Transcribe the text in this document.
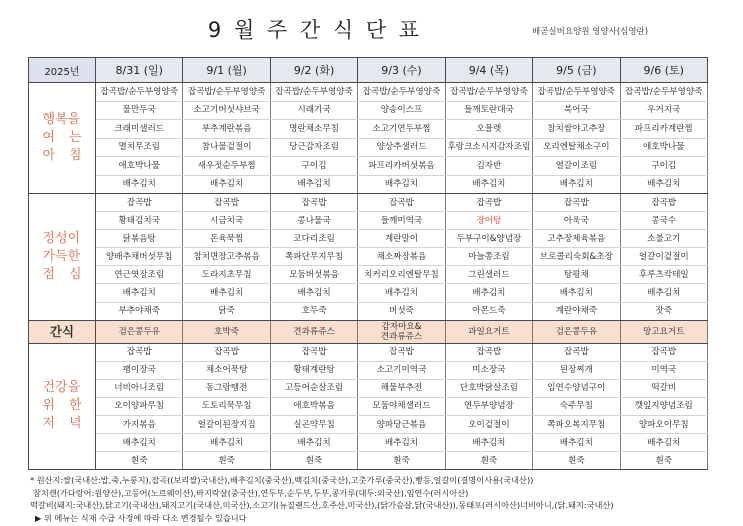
9 월 주 간 식 단 표	배곧실버요양원 영양사(심영란)
2025년	8/31 (일)	9/1 (월)	9/2 (화)	9/3 (수)	9/4 (목)	9/5 (금)	9/6 (토)

행복을
여 는
아 침	잡곡밥/순두부영양죽	잡곡밥/순두부영양죽	잡곡밥/순두부영양죽	잡곡밥/순두부영양죽	잡곡밥/순두부영양죽	잡곡밥/순두부영양죽	잡곡밥/순두부영양죽
	물만두국	소고기버섯샤브국	시래기국	양송이스프	들깨토란대국	북어국	우거지국
	크래미샐러드	부추계란볶음	명란채소무침	소고기연두부찜	오믈렛	참치쌈야고추장	파프리카계란찜
	멸치무조림	참나물겉절이	당근감자조림	양상추샐러드	후랑크소시지감자조림	오리엔탈채소구이	애호박나물
	애호박나물	새우젓순두부찜	구이김	파프리카버섯볶음	김자반	열갈이조림	구이김
	배추김치	배추김치	배추김치	배추김치	배추김치	배추김치	배추김치

정성이
가득한
점 심	잡곡밥	잡곡밥	잡곡밥	잡곡밥	잡곡밥	잡곡밥	잡곡밥
	황태김치국	시금치국	콩나물국	들깨미역국	장어탕	아욱국	콩국수
	닭볶음탕	돈육묵찜	코다리조림	계란말이	두부구이&양념장	고추장제육볶음	소불고기
	양배추채버섯무침	참치면장고추볶음	쪽파단무지무침	채소짜장볶음	마늘쫑조림	브로콜리숙회&초장	얼갈이겉절이
	연근엿장조림	도라지초무침	모둠버섯볶음	치커리오리엔탈무침	그린샐러드	탕평채	후루츠칵테일
	배추김치	배추김치	배추김치	배추김치	배추김치	배추김치	배추김치
	부추야채죽	닭죽	호두죽	버섯죽	아몬드죽	계란야채죽	잣죽

간식	검은콩두유	호박죽	견과류쥬스	감자마요&
견과류쥬스	과일요거트	검은콩두유	망고요거트

건강을
위 한
저 녁	잡곡밥	잡곡밥	잡곡밥	잡곡밥	잡곡밥	잡곡밥	잡곡밥
	팽이장국	채소어묵탕	황태계란탕	소고기미역국	미소장국	된장찌개	미역국
	너비아니조림	동그랑땡전	고등어순살조림	해물부추전	단호박닭살조림	임연수양념구이	떡갈비
	오이양파무침	도토리묵무침	애호박볶음	모둠야채샐러드	연두부양념장	숙주무침	깻잎지양념조림
	가지볶음	얼갈이된장지짐	실곤약무침	양파당근볶음	오이겉절이	쪽파오복지무침	양파오이무침
	배추김치	배추김치	배추김치	배추김치	배추김치	배추김치	배추김치
	흰죽	흰죽	흰죽	흰죽	흰죽	흰죽	흰죽
* 원산지:쌀(국내산:밥,죽,누룽지),잡곡((보리쌀)국내산),배추김치(중국산),백김치(중국산),고춧가루(중국산),빵등,얼갈이(결명이사용(국내산))
참치캔(가다랑어:원양산),고등어(노르웨이산),바지락살(중국산),연두부,순두부,두부,콩가루(대두:외국산),임연수(러시아산)
떡갈비(돼지:국내산),닭고기(국내산),돼지고기(국내산,미국산),소고기(뉴질랜드산,호주산,미국산),(닭가슴살,닭(국내산)),동태포(러시아산)너비아니,(닭.돼지:국내산)
▶ 위 메뉴는 식재 수급 사정에 따라 다소 변경될수 있습니다
